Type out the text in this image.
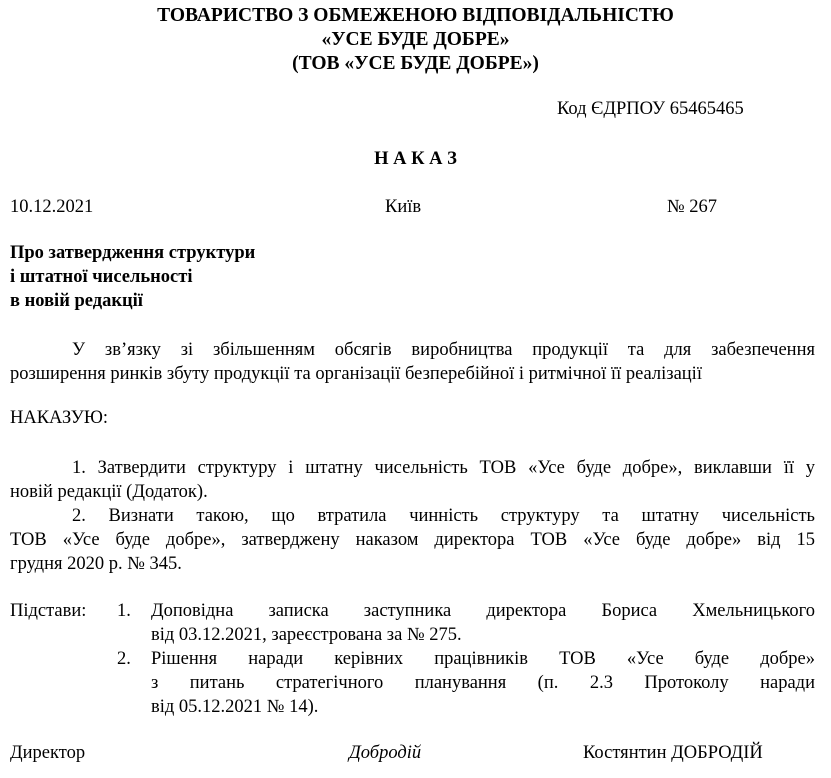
ТОВАРИСТВО З ОБМЕЖЕНОЮ ВІДПОВІДАЛЬНІСТЮ
«УСЕ БУДЕ ДОБРЕ»
(ТОВ «УСЕ БУДЕ ДОБРЕ»)
Код ЄДРПОУ 65465465
Н А К А З
10.12.2021	Київ	№ 267
Про затвердження структури
і штатної чисельності
в новій редакції
У зв’язку зі збільшенням обсягів виробництва продукції та для забезпечення
розширення ринків збуту продукції та організації безперебійної і ритмічної її реалізації
НАКАЗУЮ:
1. Затвердити структуру і штатну чисельність ТОВ «Усе буде добре», виклавши її у
новій редакції (Додаток).
2. Визнати такою, що втратила чинність структуру та штатну чисельність
ТОВ «Усе буде добре», затверджену наказом директора ТОВ «Усе буде добре» від 15
грудня 2020 р. № 345.
Підстави: 1. Доповідна записка заступника директора Бориса Хмельницького
від 03.12.2021, зареєстрована за № 275.
2. Рішення наради керівних працівників ТОВ «Усе буде добре»
з питань стратегічного планування (п. 2.3 Протоколу наради
від 05.12.2021 № 14).
Директор	Добродій	Костянтин ДОБРОДІЙ
